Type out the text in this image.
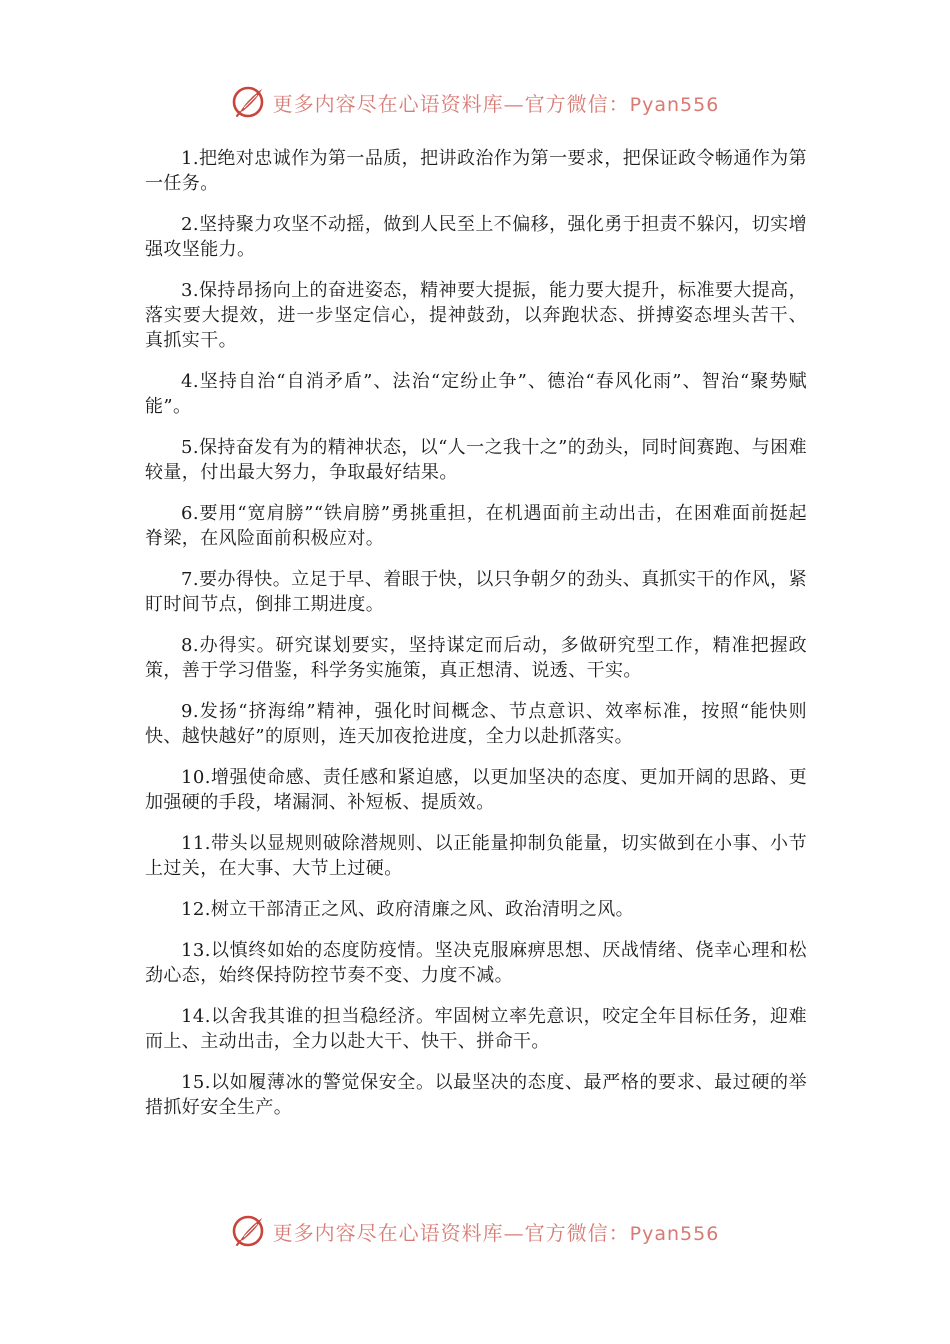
更多内容尽在心语资料库—官方微信：Pyan556

1.把绝对忠诚作为第一品质，把讲政治作为第一要求，把保证政令畅通作为第一任务。

2.坚持聚力攻坚不动摇，做到人民至上不偏移，强化勇于担责不躲闪，切实增强攻坚能力。

3.保持昂扬向上的奋进姿态，精神要大提振，能力要大提升，标准要大提高，落实要大提效，进一步坚定信心，提神鼓劲，以奔跑状态、拼搏姿态埋头苦干、真抓实干。

4.坚持自治“自消矛盾”、法治“定纷止争”、德治“春风化雨”、智治“聚势赋能”。

5.保持奋发有为的精神状态，以“人一之我十之”的劲头，同时间赛跑、与困难较量，付出最大努力，争取最好结果。

6.要用“宽肩膀”“铁肩膀”勇挑重担，在机遇面前主动出击，在困难面前挺起脊梁，在风险面前积极应对。

7.要办得快。立足于早、着眼于快，以只争朝夕的劲头、真抓实干的作风，紧盯时间节点，倒排工期进度。

8.办得实。研究谋划要实，坚持谋定而后动，多做研究型工作，精准把握政策，善于学习借鉴，科学务实施策，真正想清、说透、干实。

9.发扬“挤海绵”精神，强化时间概念、节点意识、效率标准，按照“能快则快、越快越好”的原则，连天加夜抢进度，全力以赴抓落实。

10.增强使命感、责任感和紧迫感，以更加坚决的态度、更加开阔的思路、更加强硬的手段，堵漏洞、补短板、提质效。

11.带头以显规则破除潜规则、以正能量抑制负能量，切实做到在小事、小节上过关，在大事、大节上过硬。

12.树立干部清正之风、政府清廉之风、政治清明之风。

13.以慎终如始的态度防疫情。坚决克服麻痹思想、厌战情绪、侥幸心理和松劲心态，始终保持防控节奏不变、力度不减。

14.以舍我其谁的担当稳经济。牢固树立率先意识，咬定全年目标任务，迎难而上、主动出击，全力以赴大干、快干、拼命干。

15.以如履薄冰的警觉保安全。以最坚决的态度、最严格的要求、最过硬的举措抓好安全生产。

更多内容尽在心语资料库—官方微信：Pyan556
